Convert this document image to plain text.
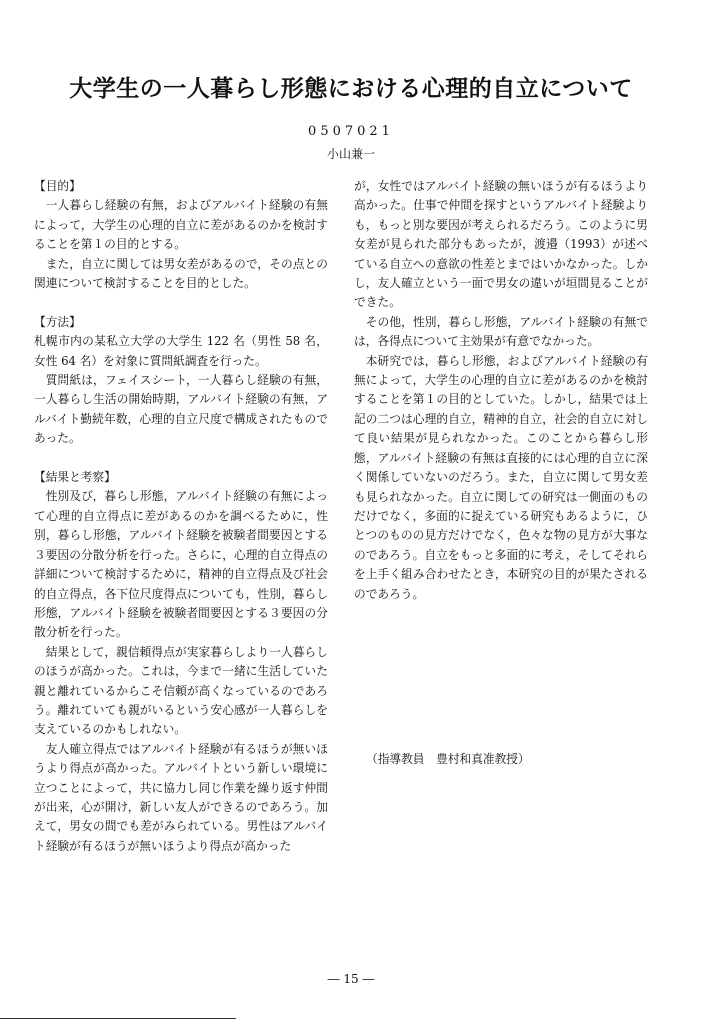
大学生の一人暮らし形態における心理的自立について
0507021
小山兼一

【目的】

一人暮らし経験の有無，およびアルバイト経験の有無によって，大学生の心理的自立に差があるのかを検討することを第１の目的とする。

また，自立に関しては男女差があるので，その点との関連について検討することを目的とした。

【方法】

札幌市内の某私立大学の大学生 122 名（男性 58 名，女性 64 名）を対象に質問紙調査を行った。

質問紙は，フェイスシート，一人暮らし経験の有無，一人暮らし生活の開始時期，アルバイト経験の有無，アルバイト勤続年数，心理的自立尺度で構成されたものであった。

【結果と考察】

性別及び，暮らし形態，アルバイト経験の有無によって心理的自立得点に差があるのかを調べるために，性別，暮らし形態，アルバイト経験を被験者間要因とする３要因の分散分析を行った。さらに，心理的自立得点の詳細について検討するために，精神的自立得点及び社会的自立得点，各下位尺度得点についても，性別，暮らし形態，アルバイト経験を被験者間要因とする３要因の分散分析を行った。

結果として，親信頼得点が実家暮らしより一人暮らしのほうが高かった。これは，今まで一緒に生活していた親と離れているからこそ信頼が高くなっているのであろう。離れていても親がいるという安心感が一人暮らしを支えているのかもしれない。

友人確立得点ではアルバイト経験が有るほうが無いほうより得点が高かった。アルバイトという新しい環境に立つことによって，共に協力し同じ作業を繰り返す仲間が出来，心が開け，新しい友人ができるのであろう。加えて，男女の間でも差がみられている。男性はアルバイト経験が有るほうが無いほうより得点が高かった

が，女性ではアルバイト経験の無いほうが有るほうより高かった。仕事で仲間を探すというアルバイト経験よりも，もっと別な要因が考えられるだろう。このように男女差が見られた部分もあったが，渡邉（1993）が述べている自立への意欲の性差とまではいかなかった。しかし，友人確立という一面で男女の違いが垣間見ることができた。

その他，性別，暮らし形態，アルバイト経験の有無では，各得点について主効果が有意でなかった。

本研究では，暮らし形態，およびアルバイト経験の有無によって，大学生の心理的自立に差があるのかを検討することを第１の目的としていた。しかし，結果では上記の二つは心理的自立，精神的自立，社会的自立に対して良い結果が見られなかった。このことから暮らし形態，アルバイト経験の有無は直接的には心理的自立に深く関係していないのだろう。また，自立に関して男女差も見られなかった。自立に関しての研究は一側面のものだけでなく，多面的に捉えている研究もあるように，ひとつのものの見方だけでなく，色々な物の見方が大事なのであろう。自立をもっと多面的に考え，そしてそれらを上手く組み合わせたとき，本研究の目的が果たされるのであろう。

（指導教員　豊村和真准教授）
― 15 ―
